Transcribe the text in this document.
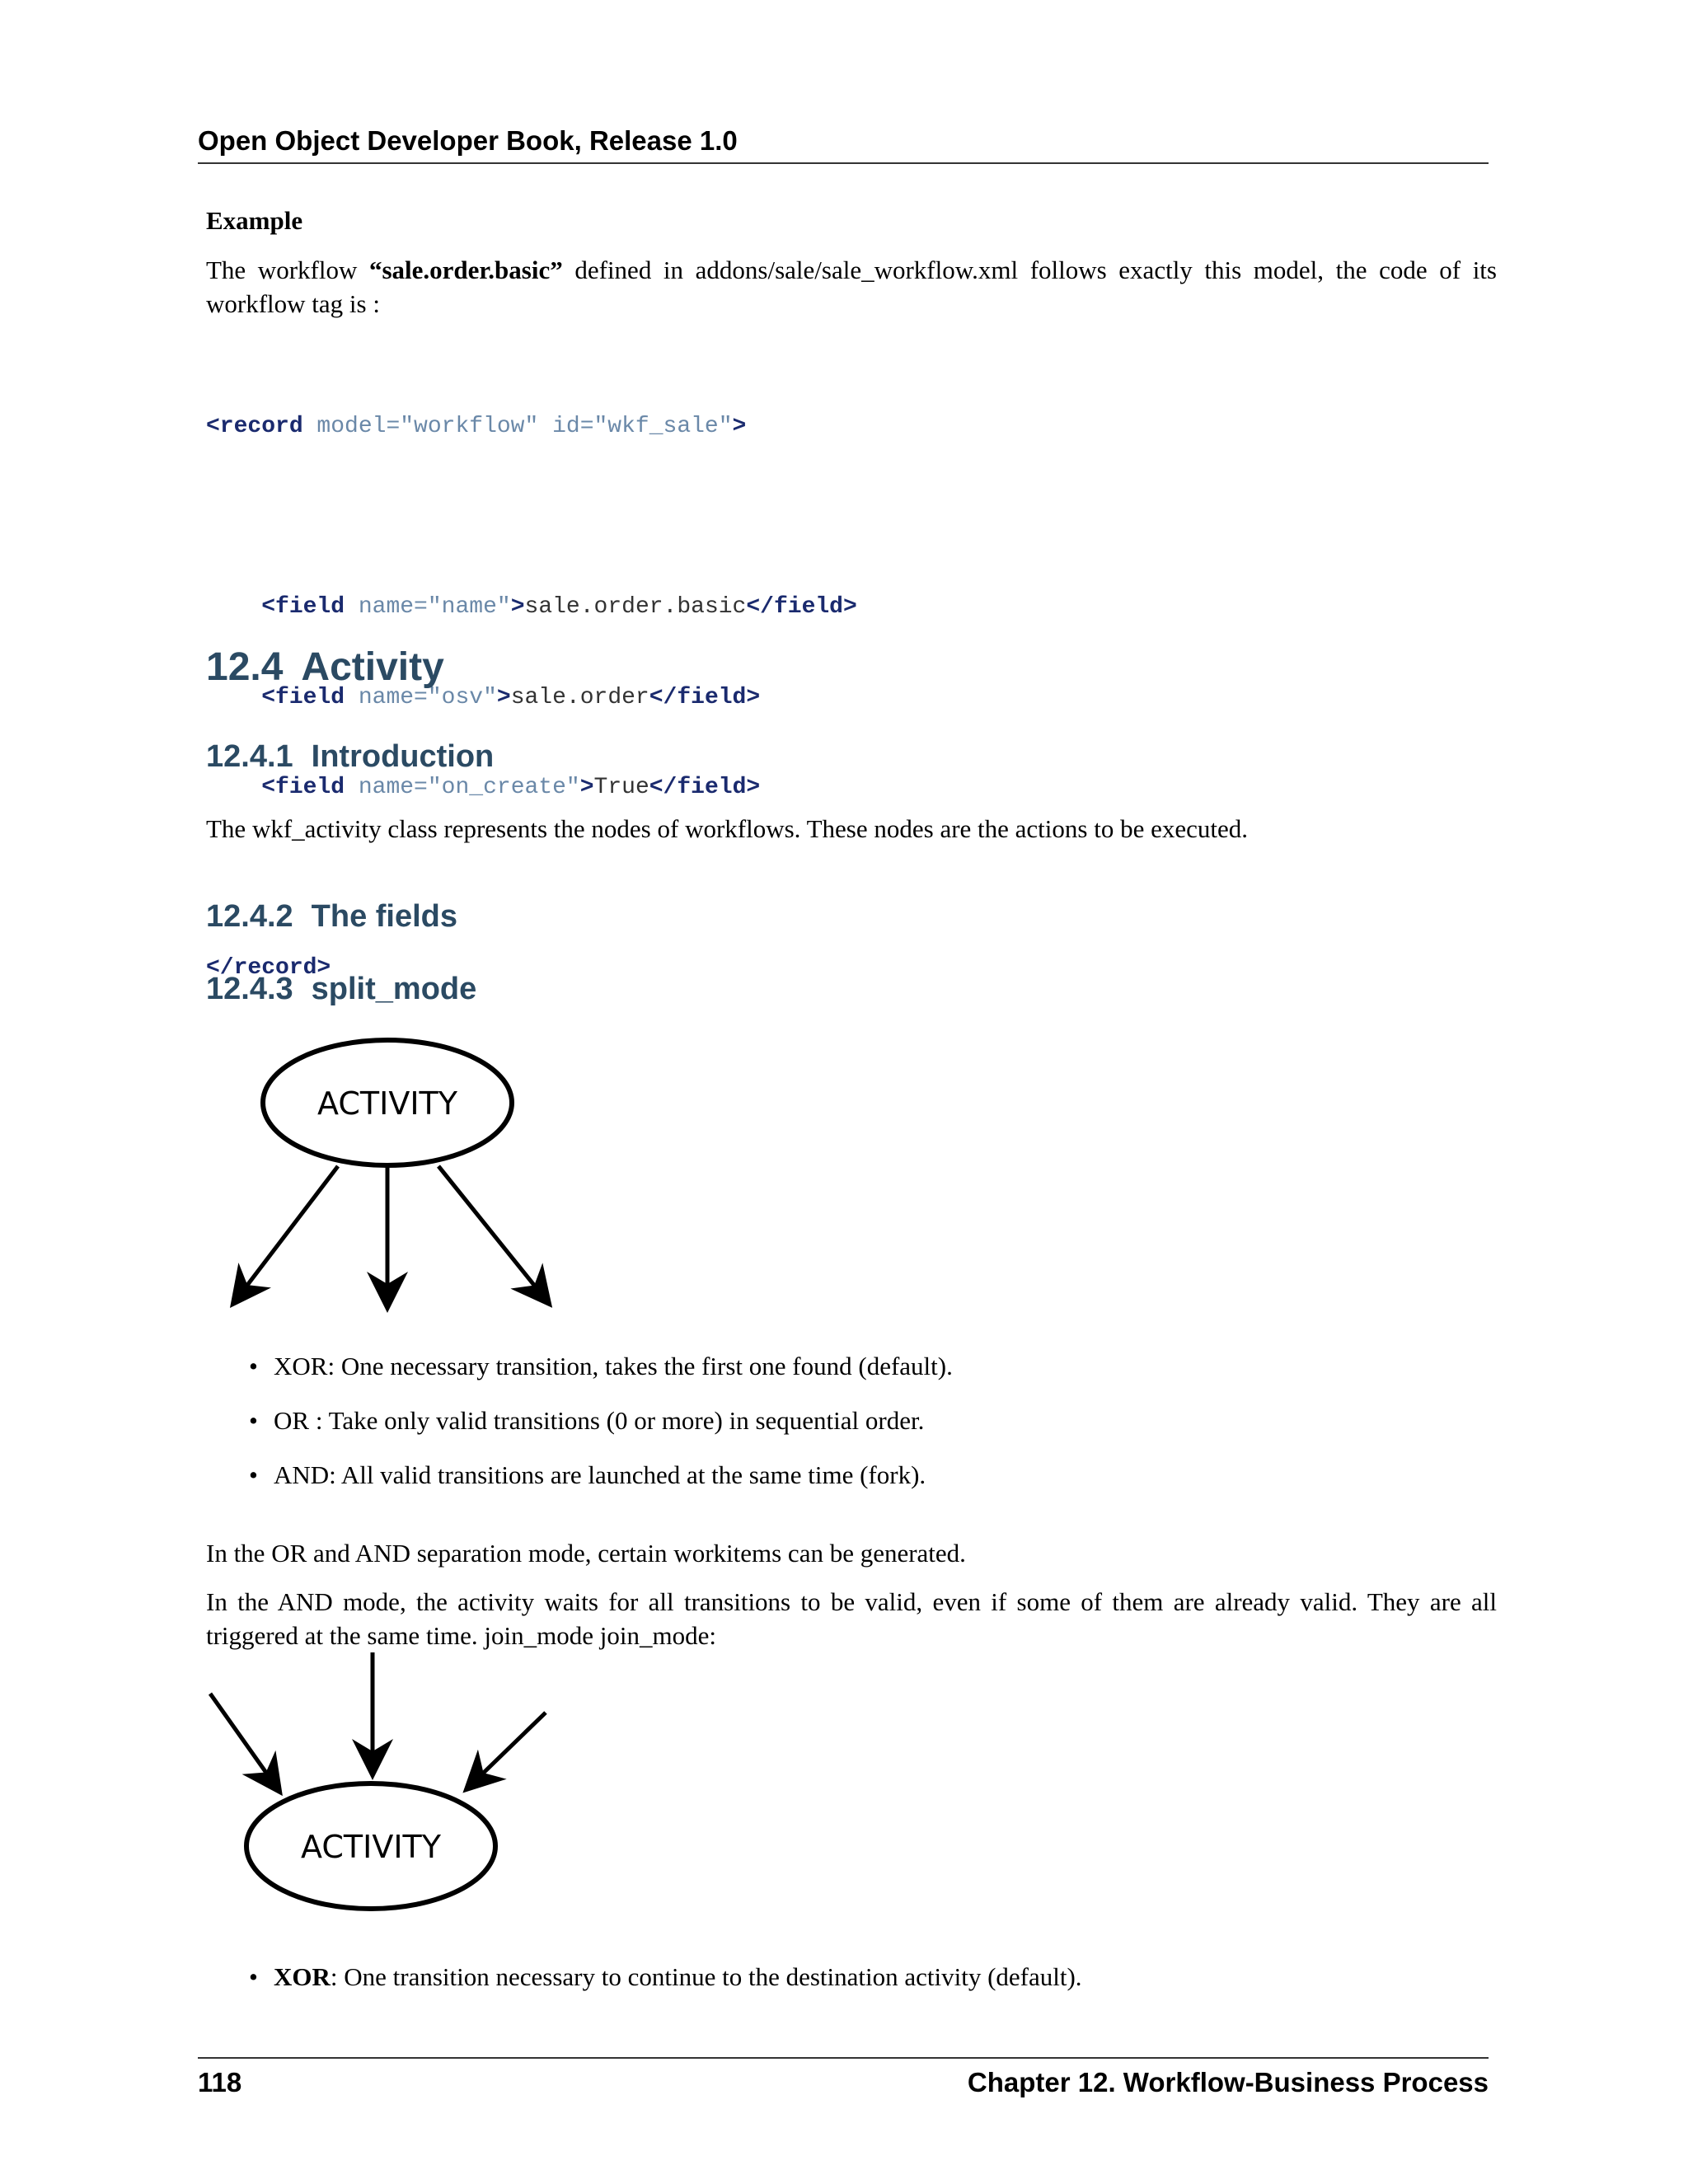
Open Object Developer Book, Release 1.0
Example
The workflow “sale.order.basic” defined in addons/sale/sale_workflow.xml follows exactly this model, the code of its workflow tag is :

<record model="workflow" id="wkf_sale">

<field name="name">sale.order.basic</field>

<field name="osv">sale.order</field>

<field name="on_create">True</field>

</record>

12.4 Activity
12.4.1 Introduction
The wkf_activity class represents the nodes of workflows. These nodes are the actions to be executed.
12.4.2 The fields
12.4.3 split_mode
ACTIVITY
• XOR: One necessary transition, takes the first one found (default).
• OR : Take only valid transitions (0 or more) in sequential order.
• AND: All valid transitions are launched at the same time (fork).
In the OR and AND separation mode, certain workitems can be generated.
In the AND mode, the activity waits for all transitions to be valid, even if some of them are already valid. They are all triggered at the same time. join_mode join_mode:
ACTIVITY
• XOR: One transition necessary to continue to the destination activity (default).
118	Chapter 12. Workflow-Business Process
